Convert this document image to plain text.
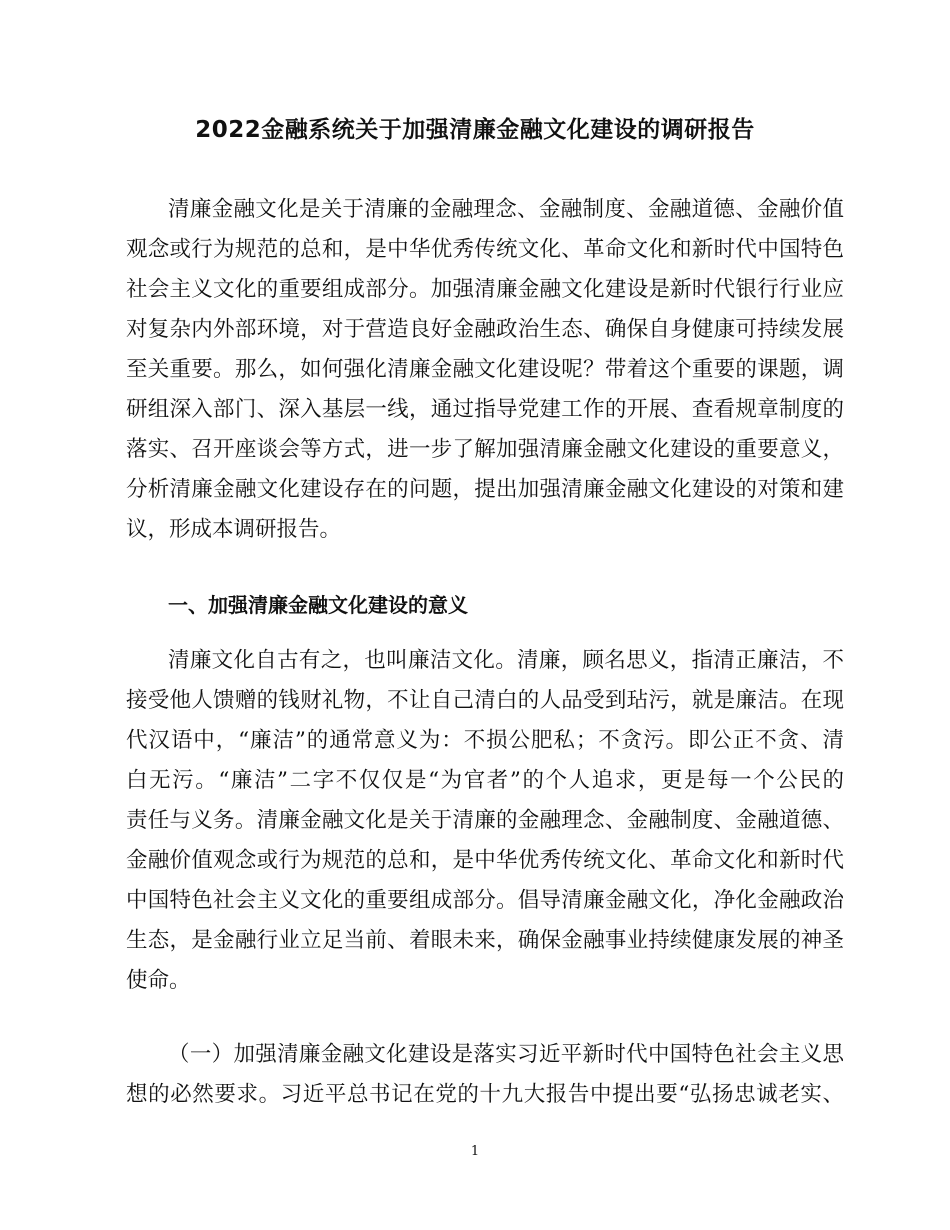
2022金融系统关于加强清廉金融文化建设的调研报告
清廉金融文化是关于清廉的金融理念、金融制度、金融道德、金融价值
观念或行为规范的总和，是中华优秀传统文化、革命文化和新时代中国特色
社会主义文化的重要组成部分。加强清廉金融文化建设是新时代银行行业应
对复杂内外部环境，对于营造良好金融政治生态、确保自身健康可持续发展
至关重要。那么，如何强化清廉金融文化建设呢？带着这个重要的课题，调
研组深入部门、深入基层一线，通过指导党建工作的开展、查看规章制度的
落实、召开座谈会等方式，进一步了解加强清廉金融文化建设的重要意义，
分析清廉金融文化建设存在的问题，提出加强清廉金融文化建设的对策和建
议，形成本调研报告。
一、加强清廉金融文化建设的意义
清廉文化自古有之，也叫廉洁文化。清廉，顾名思义，指清正廉洁，不
接受他人馈赠的钱财礼物，不让自己清白的人品受到玷污，就是廉洁。在现
代汉语中，“廉洁”的通常意义为：不损公肥私；不贪污。即公正不贪、清
白无污。“廉洁”二字不仅仅是“为官者”的个人追求，更是每一个公民的
责任与义务。清廉金融文化是关于清廉的金融理念、金融制度、金融道德、
金融价值观念或行为规范的总和，是中华优秀传统文化、革命文化和新时代
中国特色社会主义文化的重要组成部分。倡导清廉金融文化，净化金融政治
生态，是金融行业立足当前、着眼未来，确保金融事业持续健康发展的神圣
使命。
（一）加强清廉金融文化建设是落实习近平新时代中国特色社会主义思
想的必然要求。习近平总书记在党的十九大报告中提出要“弘扬忠诚老实、
1
